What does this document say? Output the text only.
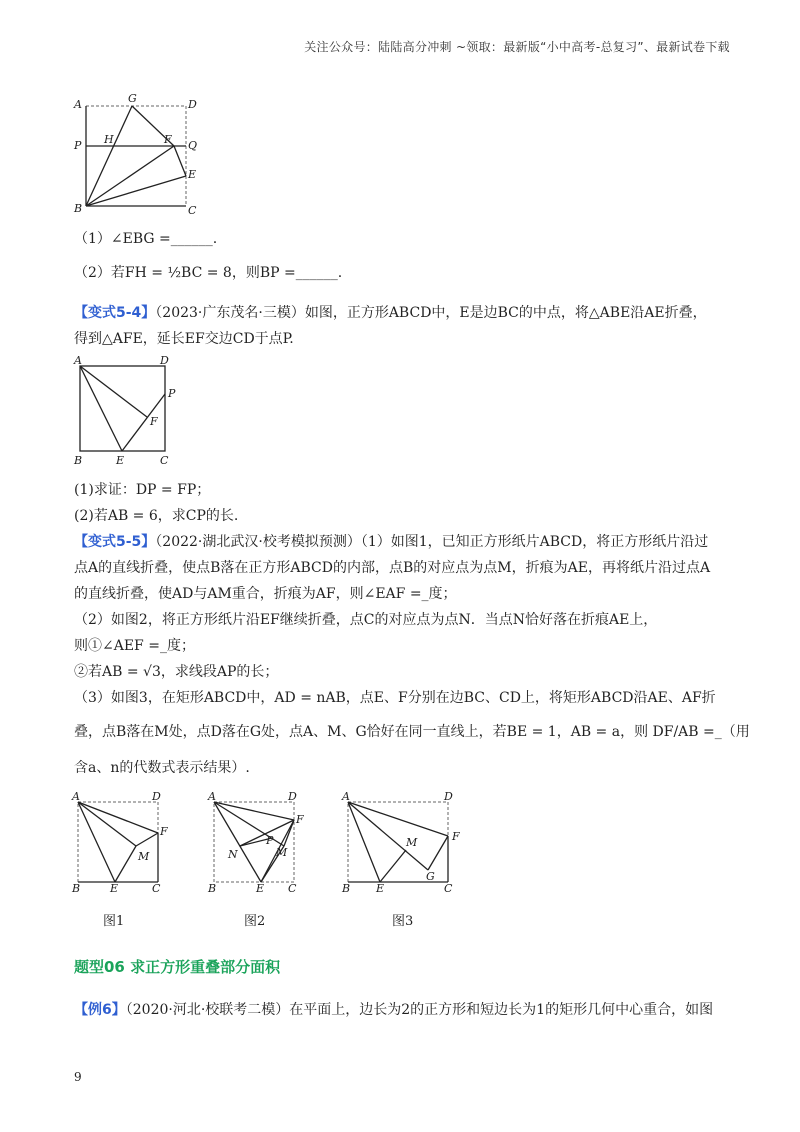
关注公众号：陆陆高分冲刺 ~领取：最新版“小中高考-总复习”、最新试卷下载
A	G	D
P H	F Q
E
B	C
（1）∠EBG =______.
（2）若FH = ½BC = 8，则BP =______.
【变式5-4】（2023·广东茂名·三模）如图，正方形ABCD中，E是边BC的中点，将△ABE沿AE折叠，
得到△AFE，延长EF交边CD于点P.
A	D
P
F
B	E	C
(1)求证：DP = FP；
(2)若AB = 6，求CP的长.
【变式5-5】（2022·湖北武汉·校考模拟预测）（1）如图1，已知正方形纸片ABCD，将正方形纸片沿过
点A的直线折叠，使点B落在正方形ABCD的内部，点B的对应点为点M，折痕为AE，再将纸片沿过点A
的直线折叠，使AD与AM重合，折痕为AF，则∠EAF =_度；
（2）如图2，将正方形纸片沿EF继续折叠，点C的对应点为点N．当点N恰好落在折痕AE上，
则①∠AEF =_度；
②若AB = √3，求线段AP的长；
（3）如图3，在矩形ABCD中，AD = nAB，点E、F分别在边BC、CD上，将矩形ABCD沿AE、AF折
叠，点B落在M处，点D落在G处，点A、M、G恰好在同一直线上，若BE = 1，AB = a，则 DF/AB =_（用
含a、n的代数式表示结果）.
A	D
F
M
B	E	C
图1
A	D
F
P
N	M
B	E C
图2
A	D
M	F
G
B E	C
图3
题型06 求正方形重叠部分面积
【例6】（2020·河北·校联考二模）在平面上，边长为2的正方形和短边长为1的矩形几何中心重合，如图
9
